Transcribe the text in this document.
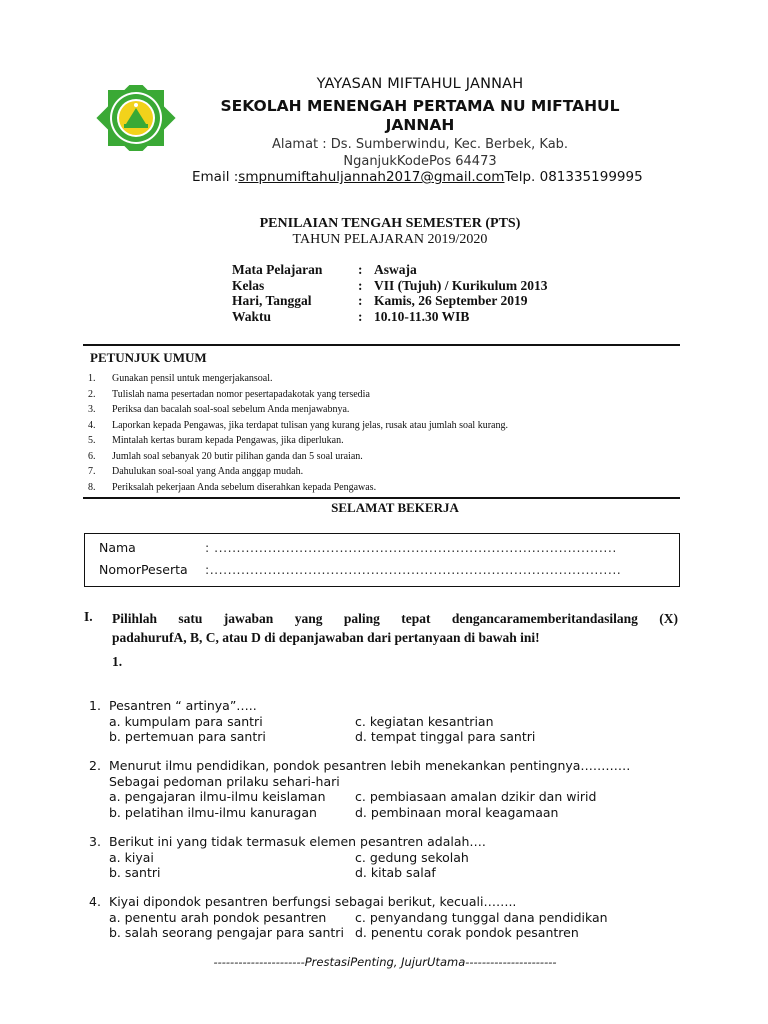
YAYASAN MIFTAHUL JANNAH
SEKOLAH MENENGAH PERTAMA NU MIFTAHUL JANNAH
Alamat : Ds. Sumberwindu, Kec. Berbek, Kab.
NganjukKodePos 64473
Email :smpnumiftahuljannah2017@gmail.comTelp. 081335199995
PENILAIAN TENGAH SEMESTER (PTS)
TAHUN PELAJARAN 2019/2020
Mata Pelajaran	: Aswaja
Kelas	: VII (Tujuh) / Kurikulum 2013
Hari, Tanggal	: Kamis, 26 September 2019
Waktu	: 10.10-11.30 WIB
PETUNJUK UMUM
1.	Gunakan pensil untuk mengerjakansoal.
2.	Tulislah nama pesertadan nomor pesertapadakotak yang tersedia
3.	Periksa dan bacalah soal-soal sebelum Anda menjawabnya.
4.	Laporkan kepada Pengawas, jika terdapat tulisan yang kurang jelas, rusak atau jumlah soal kurang.
5.	Mintalah kertas buram kepada Pengawas, jika diperlukan.
6.	Jumlah soal sebanyak 20 butir pilihan ganda dan 5 soal uraian.
7.	Dahulukan soal-soal yang Anda anggap mudah.
8.	Periksalah pekerjaan Anda sebelum diserahkan kepada Pengawas.
SELAMAT BEKERJA
Nama	: ..........................................................................................
NomorPeserta	:............................................................................................
I. Pilihlah satu jawaban yang paling tepat dengancaramemberitandasilang (X)
padahurufA, B, C, atau D di depanjawaban dari pertanyaan di bawah ini!
1.
1. Pesantren “ artinya”…..
a. kumpulam para santri	c. kegiatan kesantrian
b. pertemuan para santri	d. tempat tinggal para santri
2. Menurut ilmu pendidikan, pondok pesantren lebih menekankan pentingnya…………
Sebagai pedoman prilaku sehari-hari
a. pengajaran ilmu-ilmu keislaman	c. pembiasaan amalan dzikir dan wirid
b. pelatihan ilmu-ilmu kanuragan	d. pembinaan moral keagamaan
3. Berikut ini yang tidak termasuk elemen pesantren adalah….
a. kiyai	c. gedung sekolah
b. santri	d. kitab salaf
4. Kiyai dipondok pesantren berfungsi sebagai berikut, kecuali……..
a. penentu arah pondok pesantren	c. penyandang tunggal dana pendidikan
b. salah seorang pengajar para santri d. penentu corak pondok pesantren
----------------------PrestasiPenting, JujurUtama----------------------
